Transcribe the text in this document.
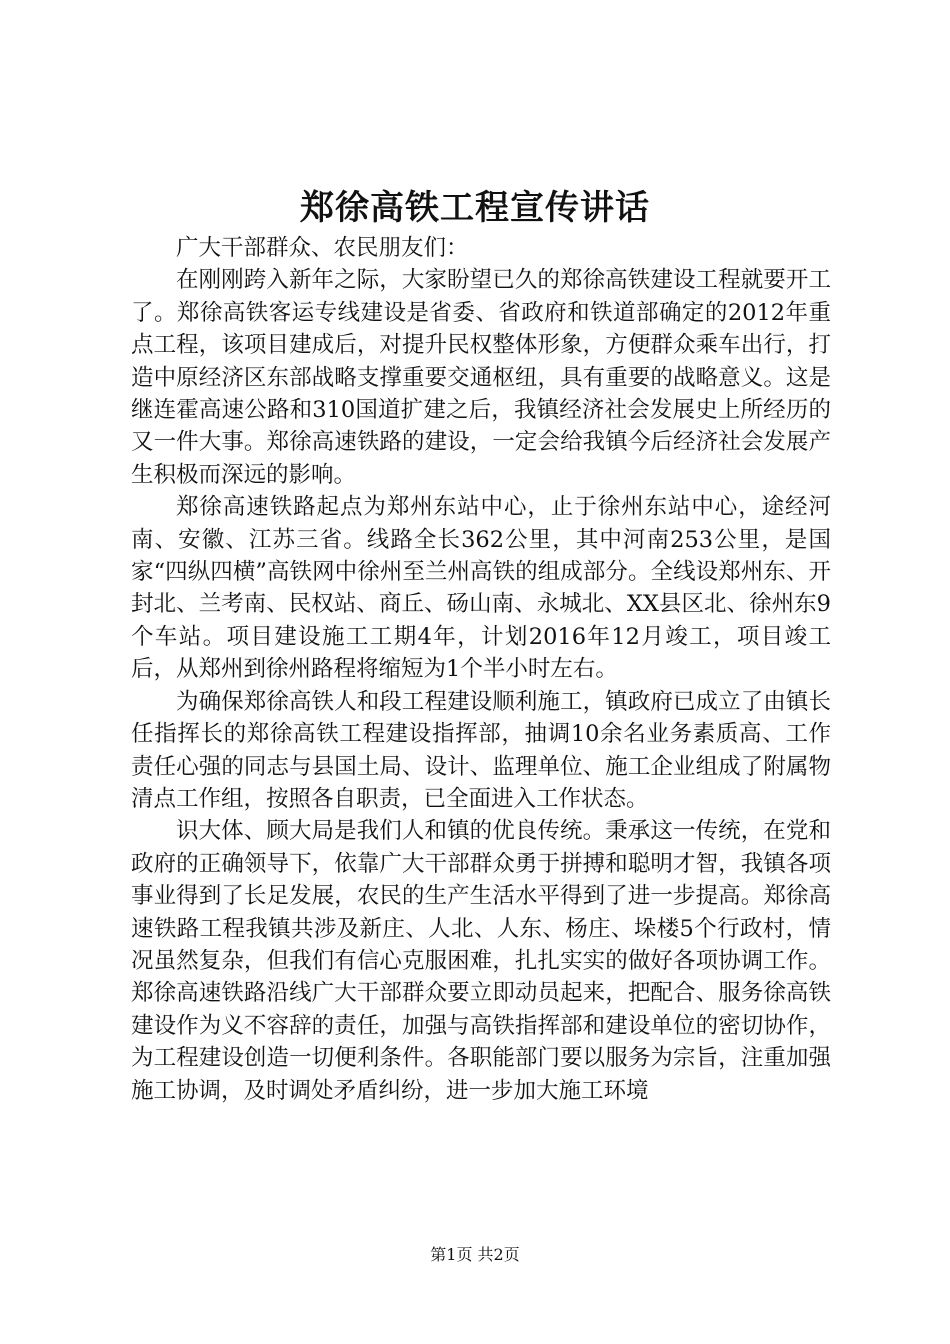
郑徐高铁工程宣传讲话

广大干部群众、农民朋友们：

在刚刚跨入新年之际，大家盼望已久的郑徐高铁建设工程就要开工了。郑徐高铁客运专线建设是省委、省政府和铁道部确定的2012年重点工程，该项目建成后，对提升民权整体形象，方便群众乘车出行，打造中原经济区东部战略支撑重要交通枢纽，具有重要的战略意义。这是继连霍高速公路和310国道扩建之后，我镇经济社会发展史上所经历的又一件大事。郑徐高速铁路的建设，一定会给我镇今后经济社会发展产生积极而深远的影响。

郑徐高速铁路起点为郑州东站中心，止于徐州东站中心，途经河南、安徽、江苏三省。线路全长362公里，其中河南253公里，是国家“四纵四横”高铁网中徐州至兰州高铁的组成部分。全线设郑州东、开封北、兰考南、民权站、商丘、砀山南、永城北、XX县区北、徐州东9个车站。项目建设施工工期4年，计划2016年12月竣工，项目竣工后，从郑州到徐州路程将缩短为1个半小时左右。

为确保郑徐高铁人和段工程建设顺利施工，镇政府已成立了由镇长任指挥长的郑徐高铁工程建设指挥部，抽调10余名业务素质高、工作责任心强的同志与县国土局、设计、监理单位、施工企业组成了附属物清点工作组，按照各自职责，已全面进入工作状态。

识大体、顾大局是我们人和镇的优良传统。秉承这一传统，在党和政府的正确领导下，依靠广大干部群众勇于拼搏和聪明才智，我镇各项事业得到了长足发展，农民的生产生活水平得到了进一步提高。郑徐高速铁路工程我镇共涉及新庄、人北、人东、杨庄、垛楼5个行政村，情况虽然复杂，但我们有信心克服困难，扎扎实实的做好各项协调工作。郑徐高速铁路沿线广大干部群众要立即动员起来，把配合、服务徐高铁建设作为义不容辞的责任，加强与高铁指挥部和建设单位的密切协作，为工程建设创造一切便利条件。各职能部门要以服务为宗旨，注重加强施工协调，及时调处矛盾纠纷，进一步加大施工环境

第1页 共2页
